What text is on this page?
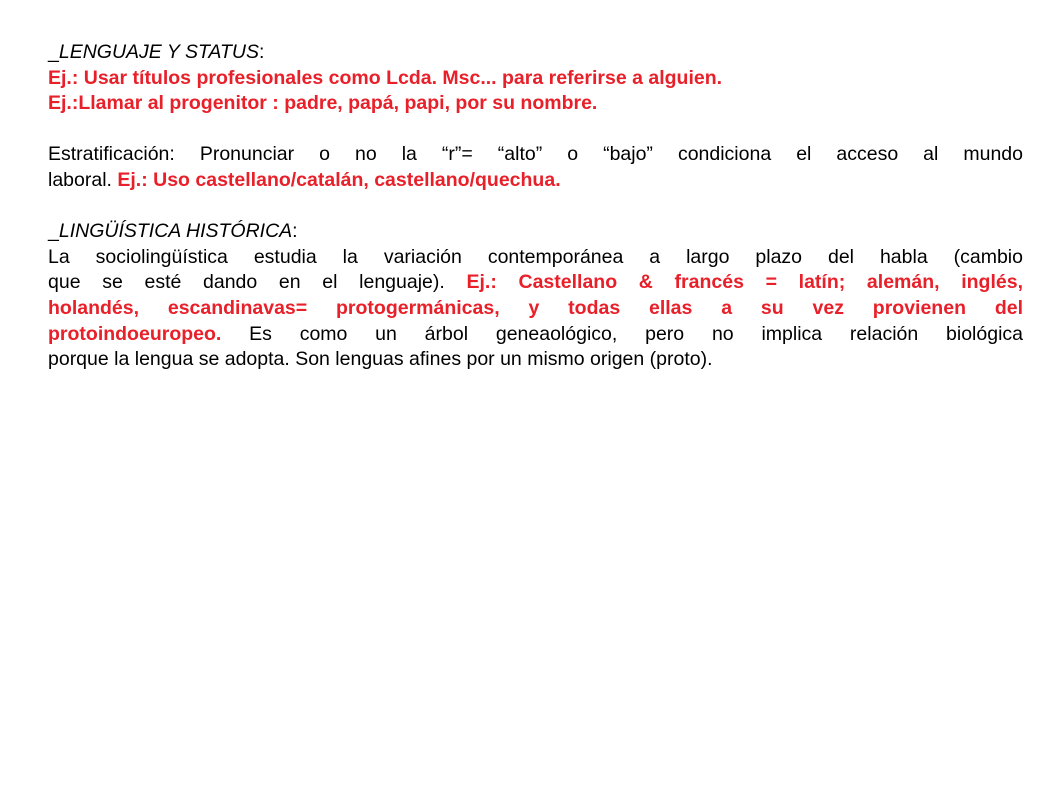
_LENGUAJE Y STATUS:
Ej.: Usar títulos profesionales como Lcda. Msc... para referirse a alguien.
Ej.:Llamar al progenitor : padre, papá, papi, por su nombre.
Estratificación: Pronunciar o no la “r”= “alto” o “bajo” condiciona el acceso al mundo
laboral. Ej.: Uso castellano/catalán, castellano/quechua.
_LINGÜÍSTICA HISTÓRICA:
La sociolingüística estudia la variación contemporánea a largo plazo del habla (cambio
que se esté dando en el lenguaje). Ej.: Castellano & francés = latín; alemán, inglés,
holandés, escandinavas= protogermánicas, y todas ellas a su vez provienen del
protoindoeuropeo. Es como un árbol geneaológico, pero no implica relación biológica
porque la lengua se adopta. Son lenguas afines por un mismo origen (proto).
